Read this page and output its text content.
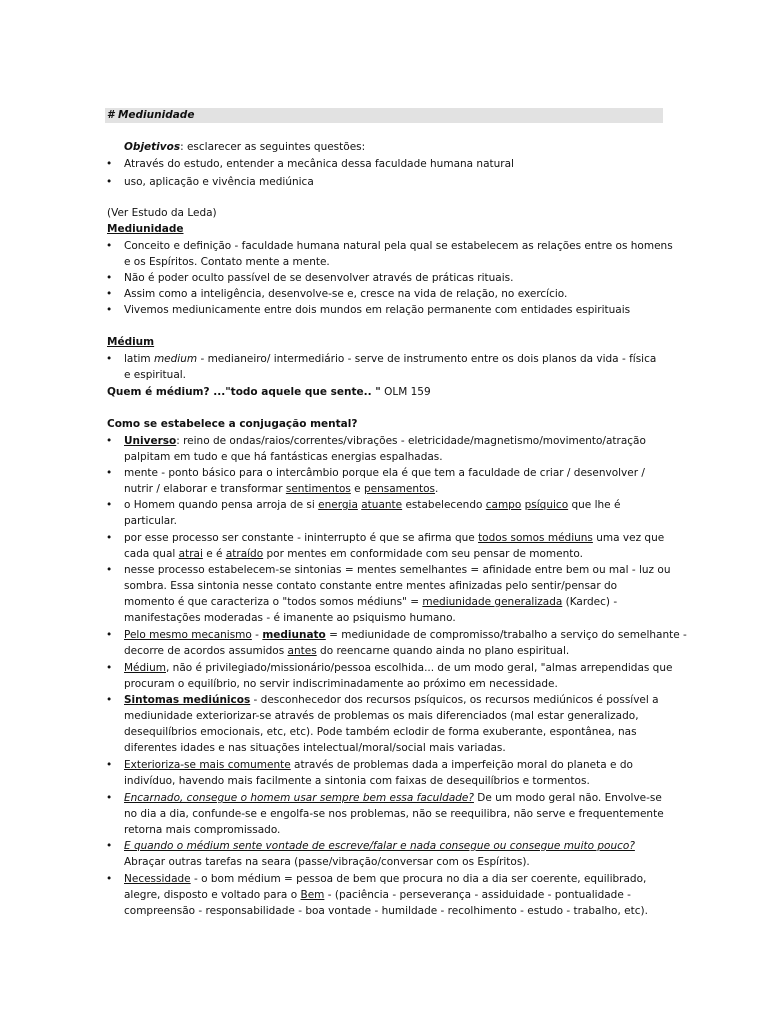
# Mediunidade
Objetivos: esclarecer as seguintes questões:
• Através do estudo, entender a mecânica dessa faculdade humana natural
• uso, aplicação e vivência mediúnica
(Ver Estudo da Leda)
Mediunidade
• Conceito e definição - faculdade humana natural pela qual se estabelecem as relações entre os homens
e os Espíritos. Contato mente a mente.
• Não é poder oculto passível de se desenvolver através de práticas rituais.
• Assim como a inteligência, desenvolve-se e, cresce na vida de relação, no exercício.
• Vivemos mediunicamente entre dois mundos em relação permanente com entidades espirituais
Médium
• latim medium - medianeiro/ intermediário - serve de instrumento entre os dois planos da vida - física
e espiritual.
Quem é médium? ..."todo aquele que sente.. " OLM 159
Como se estabelece a conjugação mental?
• Universo: reino de ondas/raios/correntes/vibrações - eletricidade/magnetismo/movimento/atração
palpitam em tudo e que há fantásticas energias espalhadas.
• mente - ponto básico para o intercâmbio porque ela é que tem a faculdade de criar / desenvolver /
nutrir / elaborar e transformar sentimentos e pensamentos.
• o Homem quando pensa arroja de si energia atuante estabelecendo campo psíquico que lhe é
particular.
• por esse processo ser constante - ininterrupto é que se afirma que todos somos médiuns uma vez que
cada qual atrai e é atraído por mentes em conformidade com seu pensar de momento.
• nesse processo estabelecem-se sintonias = mentes semelhantes = afinidade entre bem ou mal - luz ou
sombra. Essa sintonia nesse contato constante entre mentes afinizadas pelo sentir/pensar do
momento é que caracteriza o "todos somos médiuns" = mediunidade generalizada (Kardec) -
manifestações moderadas - é imanente ao psiquismo humano.
• Pelo mesmo mecanismo - mediunato = mediunidade de compromisso/trabalho a serviço do semelhante -
decorre de acordos assumidos antes do reencarne quando ainda no plano espiritual.
• Médium, não é privilegiado/missionário/pessoa escolhida... de um modo geral, "almas arrependidas que
procuram o equilíbrio, no servir indiscriminadamente ao próximo em necessidade.
• Sintomas mediúnicos - desconhecedor dos recursos psíquicos, os recursos mediúnicos é possível a
mediunidade exteriorizar-se através de problemas os mais diferenciados (mal estar generalizado,
desequilíbrios emocionais, etc, etc). Pode também eclodir de forma exuberante, espontânea, nas
diferentes idades e nas situações intelectual/moral/social mais variadas.
• Exterioriza-se mais comumente através de problemas dada a imperfeição moral do planeta e do
indivíduo, havendo mais facilmente a sintonia com faixas de desequilíbrios e tormentos.
• Encarnado, consegue o homem usar sempre bem essa faculdade? De um modo geral não. Envolve-se
no dia a dia, confunde-se e engolfa-se nos problemas, não se reequilibra, não serve e frequentemente
retorna mais compromissado.
• E quando o médium sente vontade de escreve/falar e nada consegue ou consegue muito pouco?
Abraçar outras tarefas na seara (passe/vibração/conversar com os Espíritos).
• Necessidade - o bom médium = pessoa de bem que procura no dia a dia ser coerente, equilibrado,
alegre, disposto e voltado para o Bem - (paciência - perseverança - assiduidade - pontualidade -
compreensão - responsabilidade - boa vontade - humildade - recolhimento - estudo - trabalho, etc).
